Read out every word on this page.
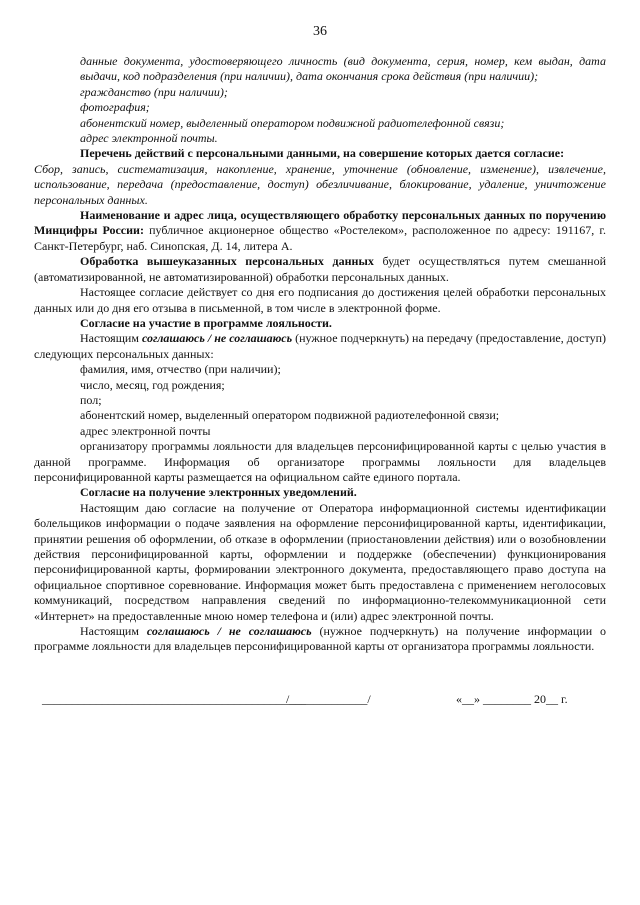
36

данные документа, удостоверяющего личность (вид документа, серия, номер, кем выдан, дата выдачи, код подразделения (при наличии), дата окончания срока действия (при наличии);

гражданство (при наличии);

фотография;

абонентский номер, выделенный оператором подвижной радиотелефонной связи;

адрес электронной почты.

Перечень действий с персональными данными, на совершение которых дается согласие:

Сбор, запись, систематизация, накопление, хранение, уточнение (обновление, изменение), извлечение, использование, передача (предоставление, доступ) обезличивание, блокирование, удаление, уничтожение персональных данных.

Наименование и адрес лица, осуществляющего обработку персональных данных по поручению Минцифры России: публичное акционерное общество «Ростелеком», расположенное по адресу: 191167, г. Санкт-Петербург, наб. Синопская, Д. 14, литера А.

Обработка вышеуказанных персональных данных будет осуществляться путем смешанной (автоматизированной, не автоматизированной) обработки персональных данных.

Настоящее согласие действует со дня его подписания до достижения целей обработки персональных данных или до дня его отзыва в письменной, в том числе в электронной форме.

Согласие на участие в программе лояльности.

Настоящим соглашаюсь / не соглашаюсь (нужное подчеркнуть) на передачу (предоставление, доступ) следующих персональных данных:

фамилия, имя, отчество (при наличии);

число, месяц, год рождения;

пол;

абонентский номер, выделенный оператором подвижной радиотелефонной связи;

адрес электронной почты

организатору программы лояльности для владельцев персонифицированной карты с целью участия в данной программе. Информация об организаторе программы лояльности для владельцев персонифицированной карты размещается на официальном сайте единого портала.

Согласие на получение электронных уведомлений.

Настоящим даю согласие на получение от Оператора информационной системы идентификации болельщиков информации о подаче заявления на оформление персонифицированной карты, идентификации, принятии решения об оформлении, об отказе в оформлении (приостановлении действия) или о возобновлении действия персонифицированной карты, оформлении и поддержке (обеспечении) функционирования персонифицированной карты, формировании электронного документа, предоставляющего право доступа на официальное спортивное соревнование. Информация может быть предоставлена с применением неголосовых коммуникаций, посредством направления сведений по информационно-телекоммуникационной сети «Интернет» на предоставленные мною номер телефона и (или) адрес электронной почты.

Настоящим соглашаюсь / не соглашаюсь (нужное подчеркнуть) на получение информации о программе лояльности для владельцев персонифицированной карты от организатора программы лояльности.

____________________________________________
/_____________/	«__» ________ 20__ г.
